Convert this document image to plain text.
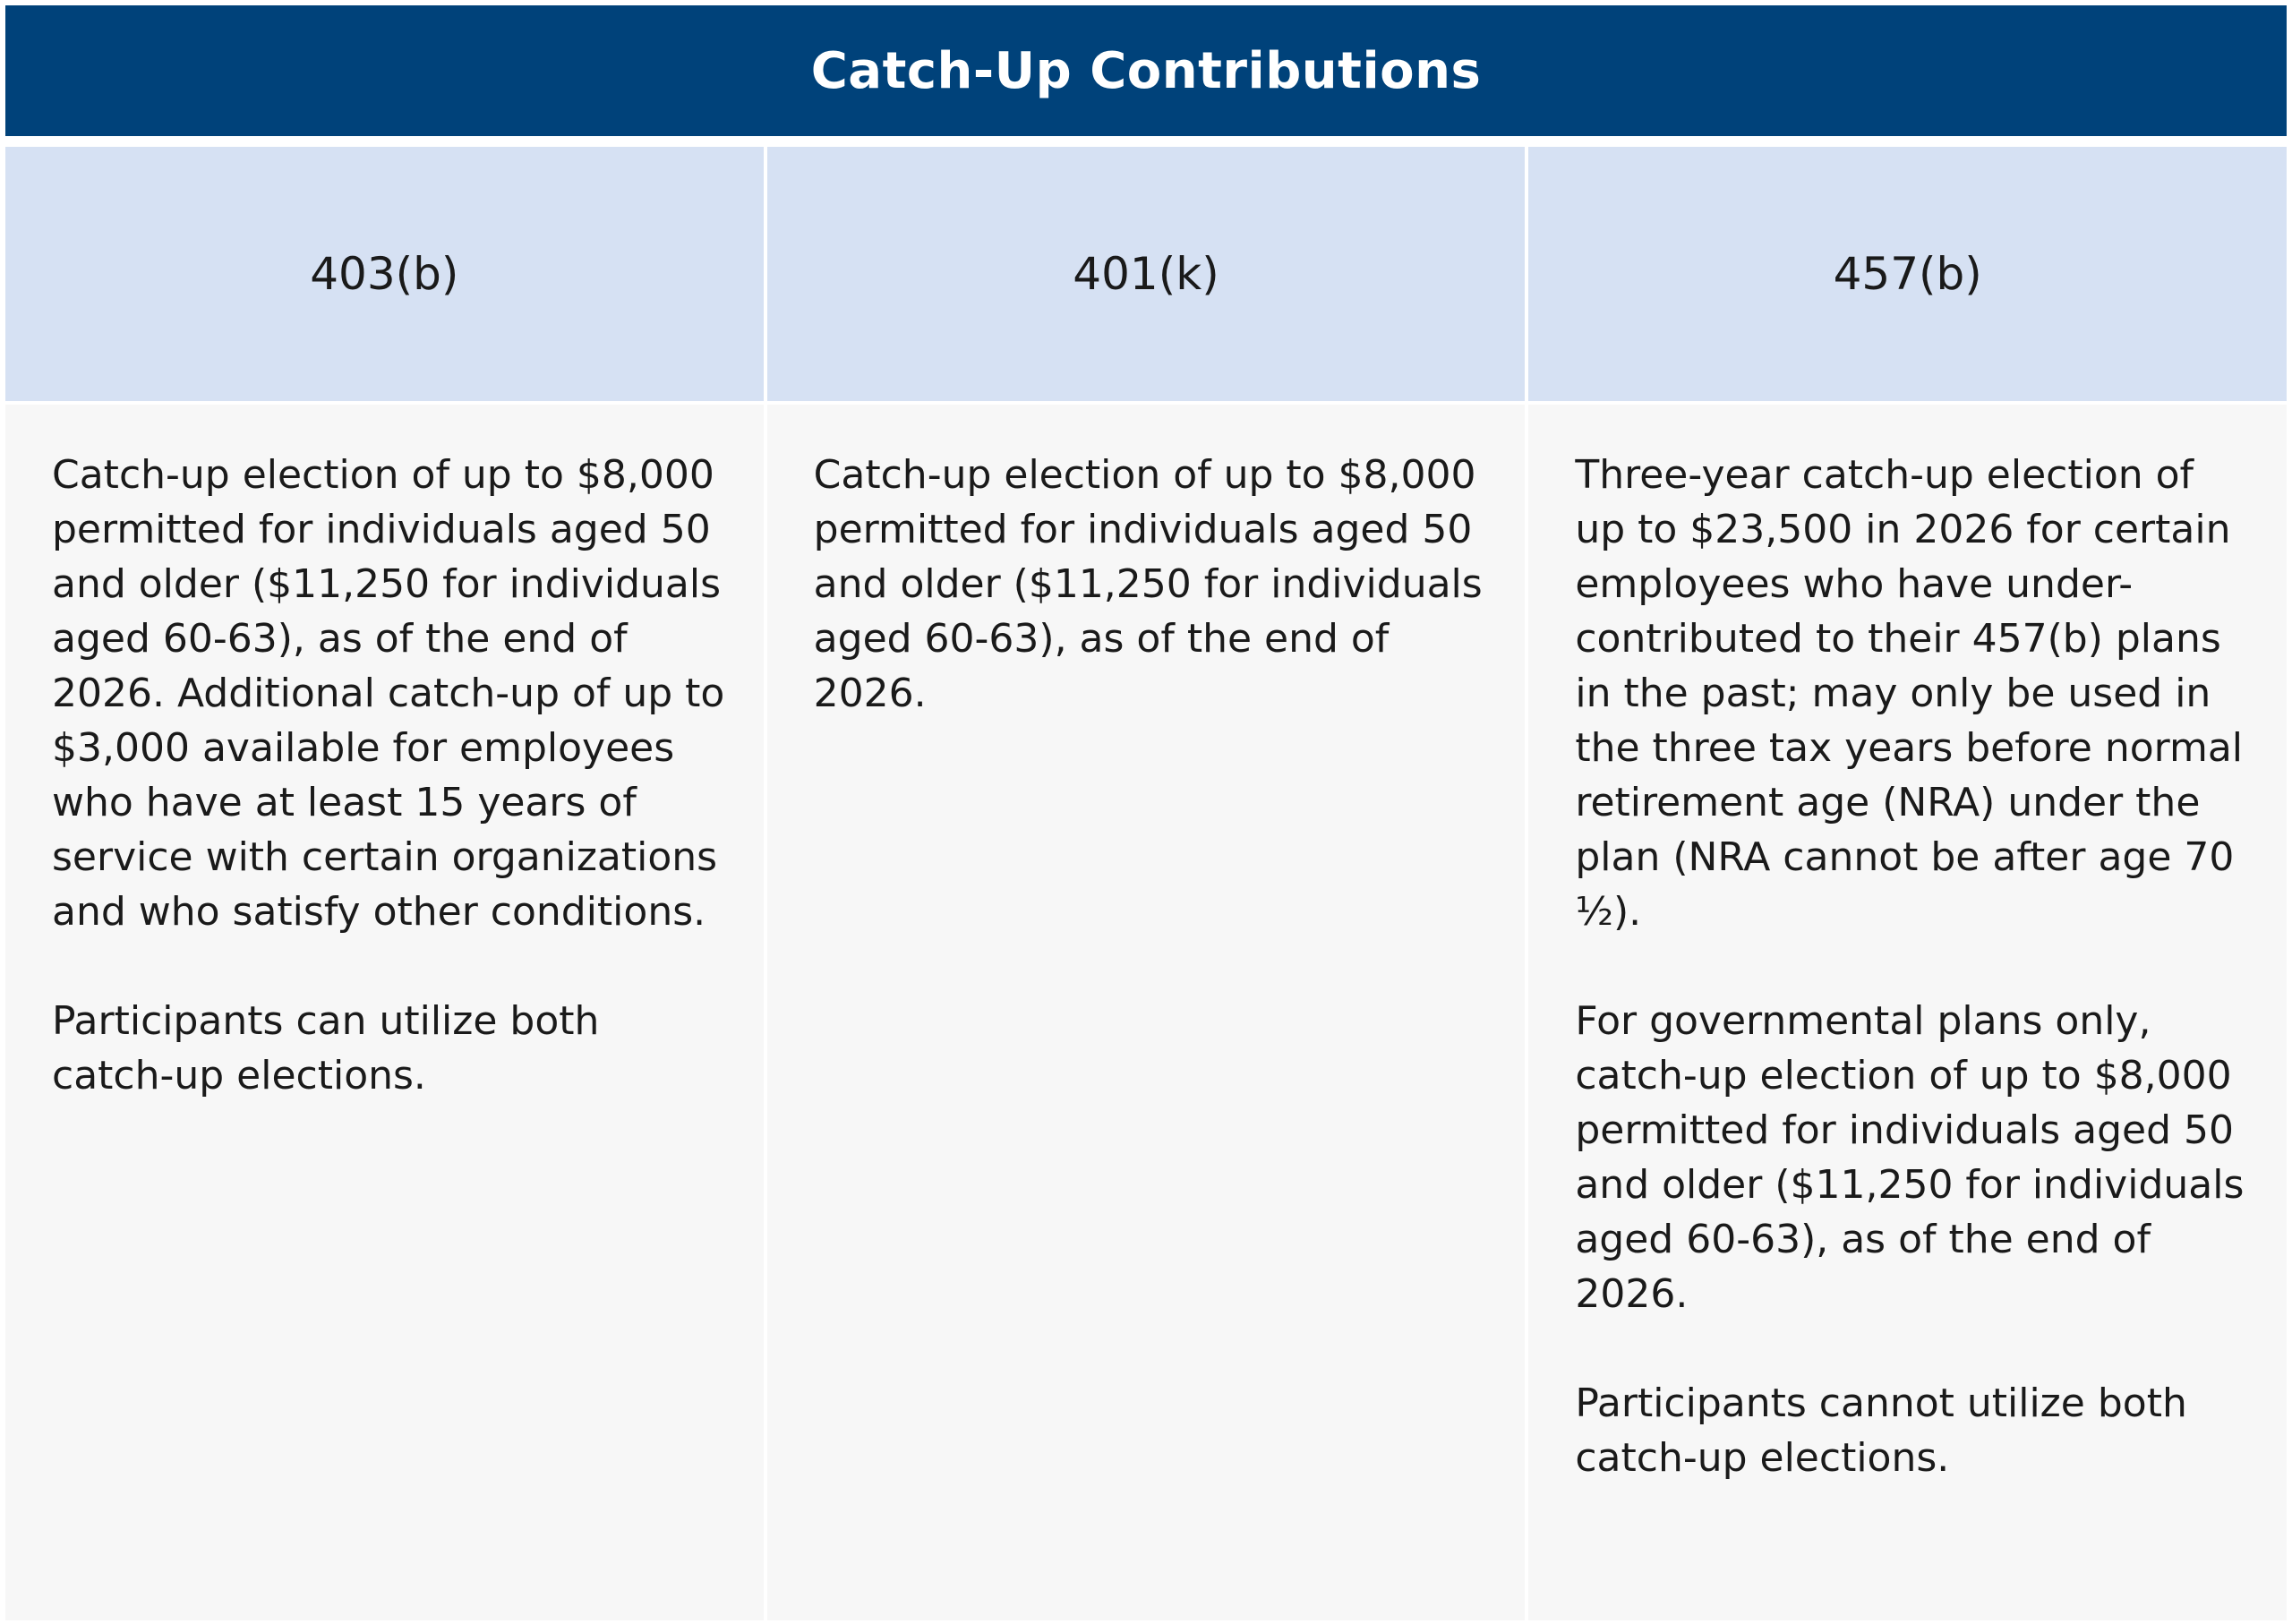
Catch-Up Contributions
403(b)	401(k)	457(b)

Catch-up election of up to $8,000 permitted for individuals aged 50 and older ($11,250 for individuals aged 60-63), as of the end of 2026. Additional catch-up of up to $3,000 available for employees who have at least 15 years of service with certain organizations and who satisfy other conditions.

Participants can utilize both catch-up elections.

Catch-up election of up to $8,000 permitted for individuals aged 50 and older ($11,250 for individuals aged 60-63), as of the end of 2026.

Three-year catch-up election of up to $23,500 in 2026 for certain employees who have under-contributed to their 457(b) plans in the past; may only be used in the three tax years before normal retirement age (NRA) under the plan (NRA cannot be after age 70 ½).

For governmental plans only, catch-up election of up to $8,000 permitted for individuals aged 50 and older ($11,250 for individuals aged 60-63), as of the end of 2026.

Participants cannot utilize both catch-up elections.
